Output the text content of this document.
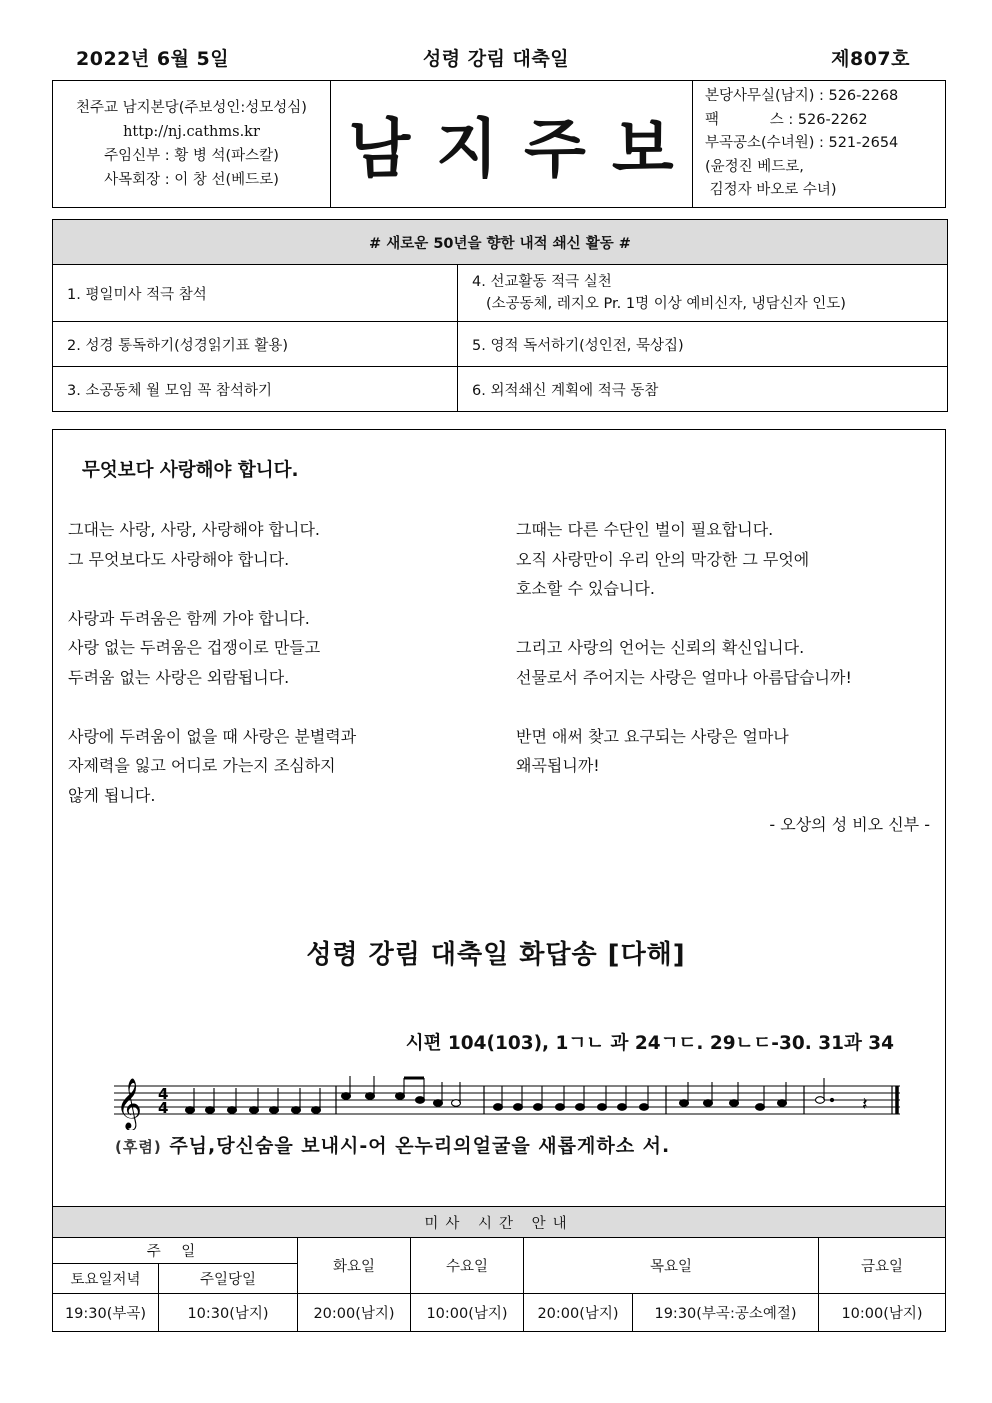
2022년 6월 5일	성령 강림 대축일	제807호
천주교 남지본당(주보성인:성모성심)
http://nj.cathms.kr
주임신부 : 황 병 석(파스칼)
사목회장 : 이 창 선(베드로) 남지주보
본당사무실(남지) : 526-2268
팩           스 : 526-2262
부곡공소(수녀원) : 521-2654
(윤정진 베드로,
김정자 바오로 수녀)
# 새로운 50년을 향한 내적 쇄신 활동 #	
1. 평일미사 적극 참석	4. 선교활동 적극 실천
(소공동체, 레지오 Pr. 1명 이상 예비신자, 냉담신자 인도)

2. 성경 통독하기(성경읽기표 활용)	5. 영적 독서하기(성인전, 묵상집)
3. 소공동체 월 모임 꼭 참석하기	6. 외적쇄신 계획에 적극 동참
무엇보다 사랑해야 합니다.
그대는 사랑, 사랑, 사랑해야 합니다.
그 무엇보다도 사랑해야 합니다.

사랑과 두려움은 함께 가야 합니다.
사랑 없는 두려움은 겁쟁이로 만들고
두려움 없는 사랑은 외람됩니다.

사랑에 두려움이 없을 때 사랑은 분별력과
자제력을 잃고 어디로 가는지 조심하지
않게 됩니다.
그때는 다른 수단인 벌이 필요합니다.
오직 사랑만이 우리 안의 막강한 그 무엇에
호소할 수 있습니다.

그리고 사랑의 언어는 신뢰의 확신입니다.
선물로서 주어지는 사랑은 얼마나 아름답습니까!

반면 애써 찾고 요구되는 사랑은 얼마나
왜곡됩니까!
- 오상의 성 비오 신부 -
성령 강림 대축일 화답송 [다해]
시편 104(103), 1ㄱㄴ 과 24ㄱㄷ. 29ㄴㄷ-30. 31과 34
𝄞 4
4	𝄽
(후렴) 주님,당신숨을 보내시-어 온누리의얼굴을 새롭게하소 서.
미사 시간 안내						
주 일		화요일	수요일	목요일		금요일
토요일저녁	주일당일					
19:30(부곡)	10:30(남지)	20:00(남지)	10:00(남지)	20:00(남지)	19:30(부곡:공소예절)	10:00(남지)
